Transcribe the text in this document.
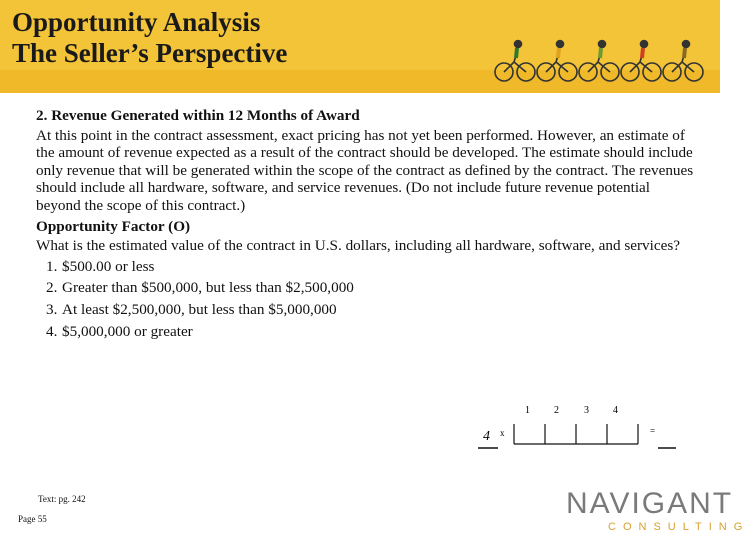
Opportunity Analysis
The Seller’s Perspective
2. Revenue Generated within 12 Months of Award
At this point in the contract assessment, exact pricing has not yet been performed. However, an estimate of the amount of revenue expected as a result of the contract should be developed. The estimate should include only revenue that will be generated within the scope of the contract as defined by the contract. The revenues should include all hardware, software, and service revenues. (Do not include future revenue potential beyond the scope of this contract.)
Opportunity Factor (O)
What is the estimated value of the contract in U.S. dollars, including all hardware, software, and services?
1. $500.00 or less
2. Greater than $500,000, but less than $2,500,000
3. At least $2,500,000, but less than $5,000,000
4. $5,000,000 or greater
1 2	3 4
4 x	=
Text: pg. 242
Page 55	NAVIGANT
CONSULTING
